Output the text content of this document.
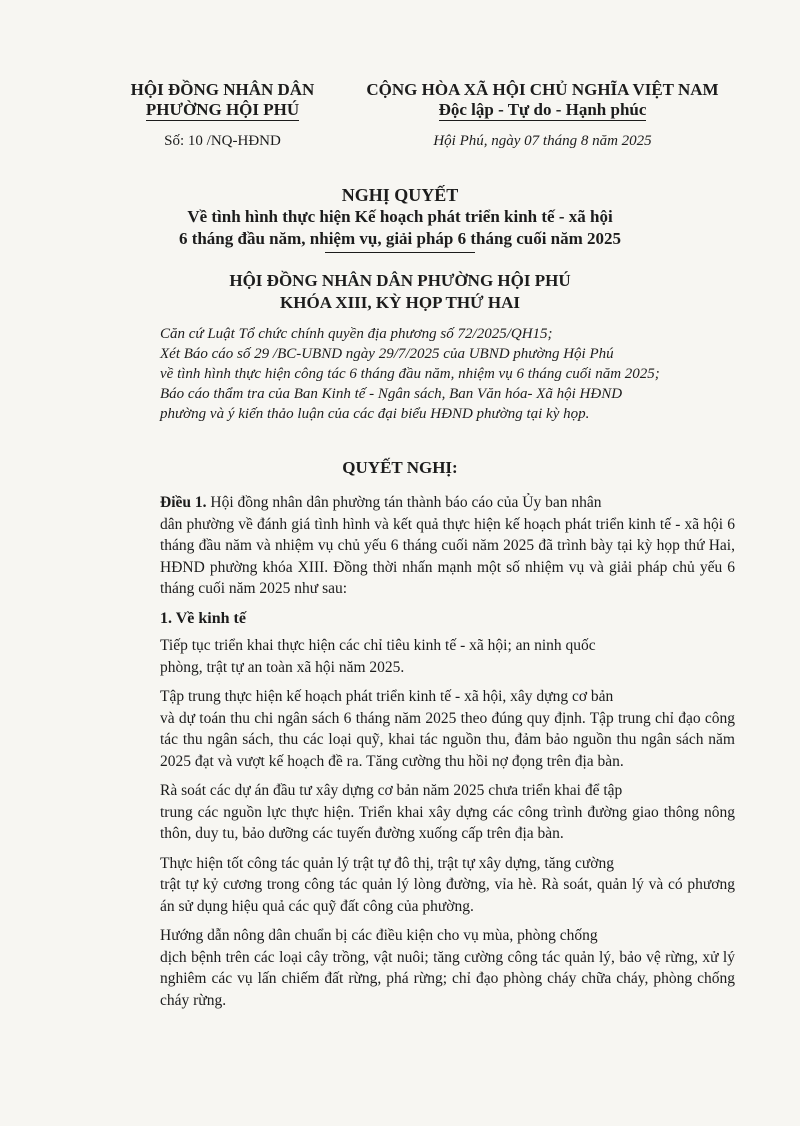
HỘI ĐỒNG NHÂN DÂN
PHƯỜNG HỘI PHÚ
Số: 10 /NQ-HĐND
CỘNG HÒA XÃ HỘI CHỦ NGHĨA VIỆT NAM
Độc lập - Tự do - Hạnh phúc
Hội Phú, ngày 07 tháng 8 năm 2025
NGHỊ QUYẾT
Về tình hình thực hiện Kế hoạch phát triển kinh tế - xã hội
6 tháng đầu năm, nhiệm vụ, giải pháp 6 tháng cuối năm 2025
HỘI ĐỒNG NHÂN DÂN PHƯỜNG HỘI PHÚ
KHÓA XIII, KỲ HỌP THỨ HAI

Căn cứ Luật Tổ chức chính quyền địa phương số 72/2025/QH15;

Xét Báo cáo số 29 /BC-UBND ngày 29/7/2025 của UBND phường Hội Phú

về tình hình thực hiện công tác 6 tháng đầu năm, nhiệm vụ 6 tháng cuối năm 2025;

Báo cáo thẩm tra của Ban Kinh tế - Ngân sách, Ban Văn hóa- Xã hội HĐND

phường và ý kiến thảo luận của các đại biểu HĐND phường tại kỳ họp.

QUYẾT NGHỊ:

Điều 1. Hội đồng nhân dân phường tán thành báo cáo của Ủy ban nhân

dân phường về đánh giá tình hình và kết quả thực hiện kế hoạch phát triển kinh tế - xã hội 6 tháng đầu năm và nhiệm vụ chủ yếu 6 tháng cuối năm 2025 đã trình bày tại kỳ họp thứ Hai, HĐND phường khóa XIII. Đồng thời nhấn mạnh một số nhiệm vụ và giải pháp chủ yếu 6 tháng cuối năm 2025 như sau:

1. Về kinh tế

Tiếp tục triển khai thực hiện các chỉ tiêu kinh tế - xã hội; an ninh quốc

phòng, trật tự an toàn xã hội năm 2025.

Tập trung thực hiện kế hoạch phát triển kinh tế - xã hội, xây dựng cơ bản

và dự toán thu chi ngân sách 6 tháng năm 2025 theo đúng quy định. Tập trung chỉ đạo công tác thu ngân sách, thu các loại quỹ, khai tác nguồn thu, đảm bảo nguồn thu ngân sách năm 2025 đạt và vượt kế hoạch đề ra. Tăng cường thu hồi nợ đọng trên địa bàn.

Rà soát các dự án đầu tư xây dựng cơ bản năm 2025 chưa triển khai để tập

trung các nguồn lực thực hiện. Triển khai xây dựng các công trình đường giao thông nông thôn, duy tu, bảo dưỡng các tuyến đường xuống cấp trên địa bàn.

Thực hiện tốt công tác quản lý trật tự đô thị, trật tự xây dựng, tăng cường

trật tự kỷ cương trong công tác quản lý lòng đường, vỉa hè. Rà soát, quản lý và có phương án sử dụng hiệu quả các quỹ đất công của phường.

Hướng dẫn nông dân chuẩn bị các điều kiện cho vụ mùa, phòng chống

dịch bệnh trên các loại cây trồng, vật nuôi; tăng cường công tác quản lý, bảo vệ rừng, xử lý nghiêm các vụ lấn chiếm đất rừng, phá rừng; chỉ đạo phòng cháy chữa cháy, phòng chống cháy rừng.
